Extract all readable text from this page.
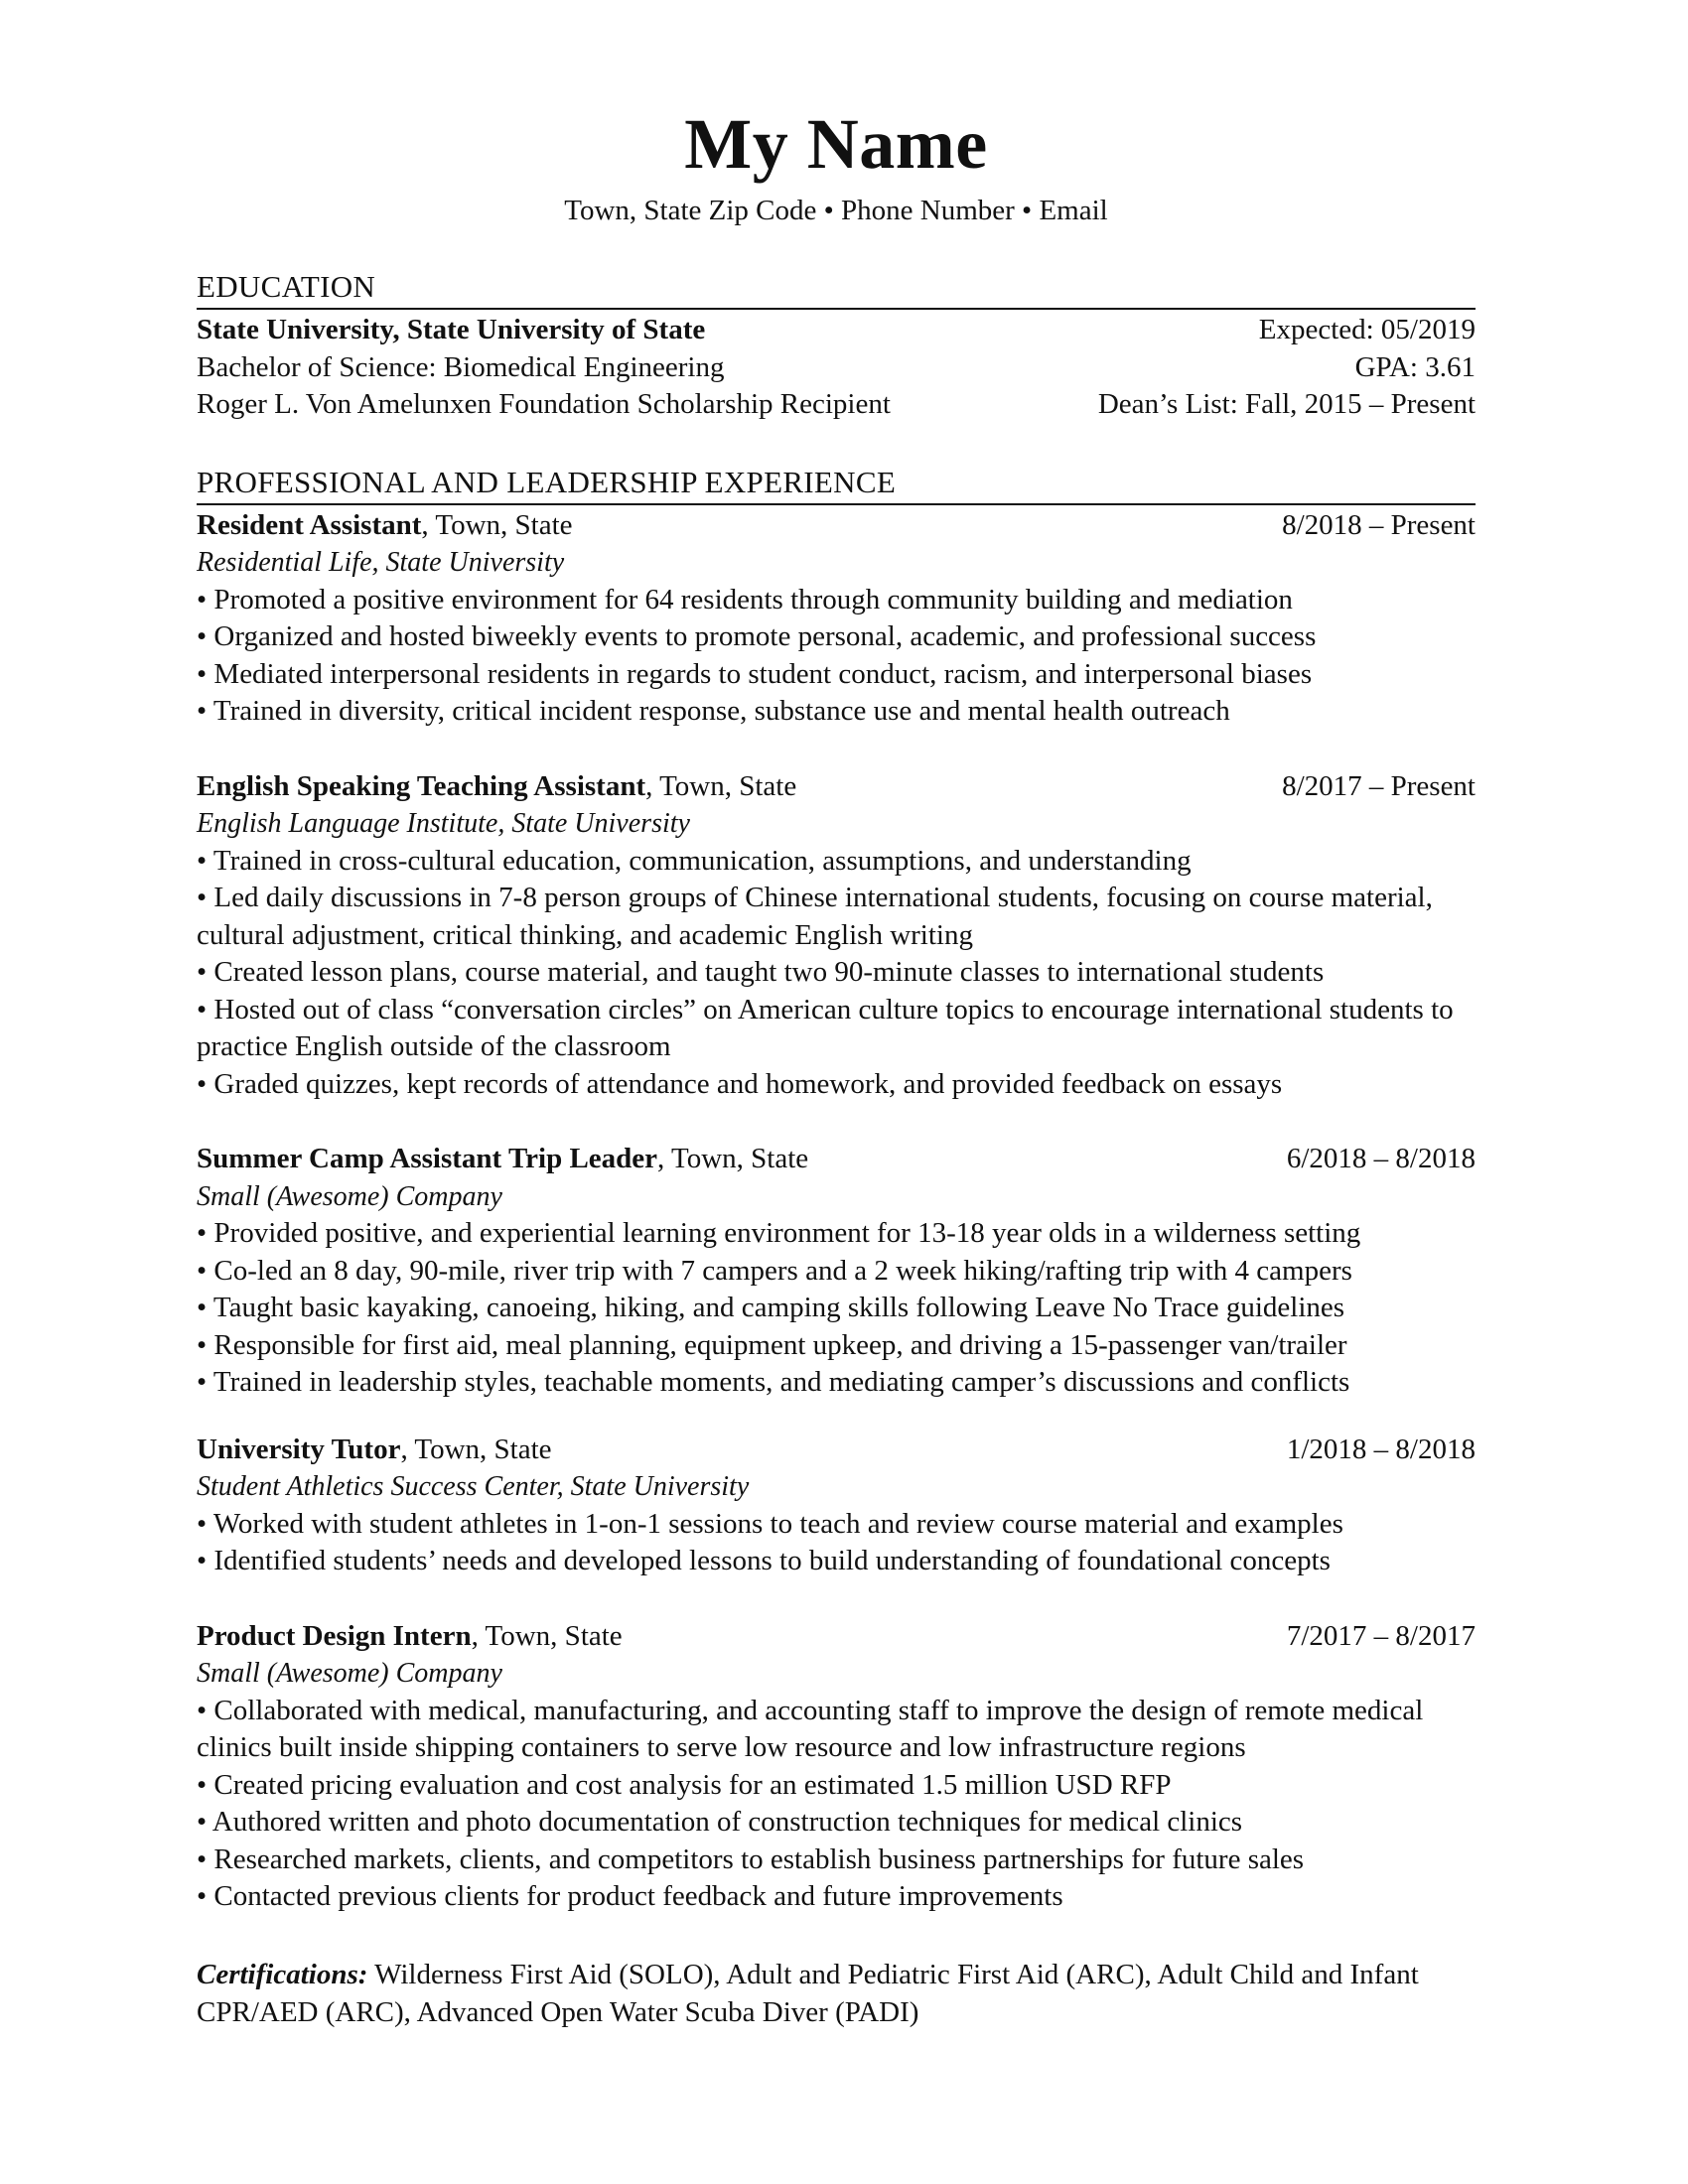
My Name
Town, State Zip Code • Phone Number • Email
EDUCATION
State University, State University of State	Expected: 05/2019
Bachelor of Science: Biomedical Engineering	GPA: 3.61
Roger L. Von Amelunxen Foundation Scholarship Recipient	Dean’s List: Fall, 2015 – Present
PROFESSIONAL AND LEADERSHIP EXPERIENCE
Resident Assistant, Town, State	8/2018 – Present
Residential Life, State University
• Promoted a positive environment for 64 residents through community building and mediation
• Organized and hosted biweekly events to promote personal, academic, and professional success
• Mediated interpersonal residents in regards to student conduct, racism, and interpersonal biases
• Trained in diversity, critical incident response, substance use and mental health outreach
English Speaking Teaching Assistant, Town, State	8/2017 – Present
English Language Institute, State University
• Trained in cross-cultural education, communication, assumptions, and understanding
• Led daily discussions in 7-8 person groups of Chinese international students, focusing on course material, cultural adjustment, critical thinking, and academic English writing
• Created lesson plans, course material, and taught two 90-minute classes to international students
• Hosted out of class “conversation circles” on American culture topics to encourage international students to practice English outside of the classroom
• Graded quizzes, kept records of attendance and homework, and provided feedback on essays
Summer Camp Assistant Trip Leader, Town, State	6/2018 – 8/2018
Small (Awesome) Company
• Provided positive, and experiential learning environment for 13-18 year olds in a wilderness setting
• Co-led an 8 day, 90-mile, river trip with 7 campers and a 2 week hiking/rafting trip with 4 campers
• Taught basic kayaking, canoeing, hiking, and camping skills following Leave No Trace guidelines
• Responsible for first aid, meal planning, equipment upkeep, and driving a 15-passenger van/trailer
• Trained in leadership styles, teachable moments, and mediating camper’s discussions and conflicts
University Tutor, Town, State	1/2018 – 8/2018
Student Athletics Success Center, State University
• Worked with student athletes in 1-on-1 sessions to teach and review course material and examples
• Identified students’ needs and developed lessons to build understanding of foundational concepts
Product Design Intern, Town, State	7/2017 – 8/2017
Small (Awesome) Company
• Collaborated with medical, manufacturing, and accounting staff to improve the design of remote medical clinics built inside shipping containers to serve low resource and low infrastructure regions
• Created pricing evaluation and cost analysis for an estimated 1.5 million USD RFP
• Authored written and photo documentation of construction techniques for medical clinics
• Researched markets, clients, and competitors to establish business partnerships for future sales
• Contacted previous clients for product feedback and future improvements
Certifications: Wilderness First Aid (SOLO), Adult and Pediatric First Aid (ARC), Adult Child and Infant CPR/AED (ARC), Advanced Open Water Scuba Diver (PADI)
